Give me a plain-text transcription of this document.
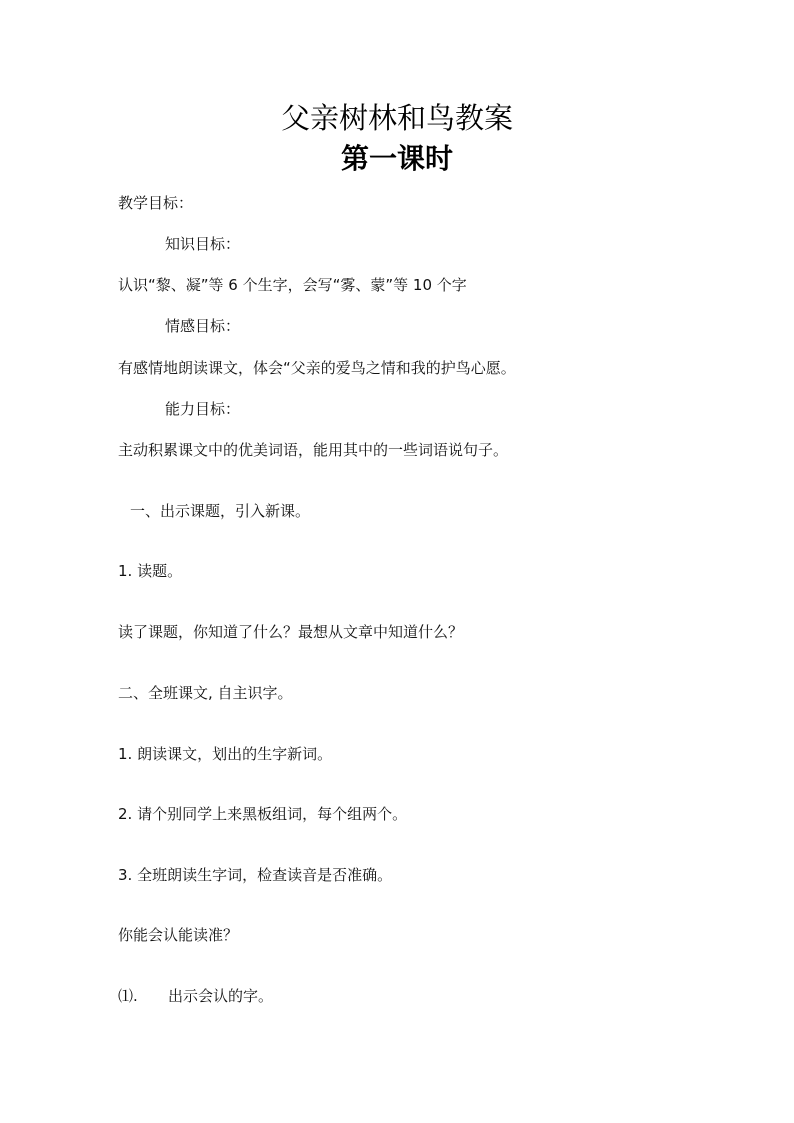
父亲树林和鸟教案
第一课时
教学目标：
知识目标：
认识“黎、凝”等 6 个生字，会写“雾、蒙”等 10 个字
情感目标：
有感情地朗读课文，体会“父亲的爱鸟之情和我的护鸟心愿。
能力目标：
主动积累课文中的优美词语，能用其中的一些词语说句子。
一、出示课题，引入新课。
1. 读题。
读了课题，你知道了什么？最想从文章中知道什么？
二、全班课文, 自主识字。
1. 朗读课文，划出的生字新词。
2. 请个别同学上来黑板组词，每个组两个。
3. 全班朗读生字词，检查读音是否准确。
你能会认能读准？
⑴. 出示会认的字。
